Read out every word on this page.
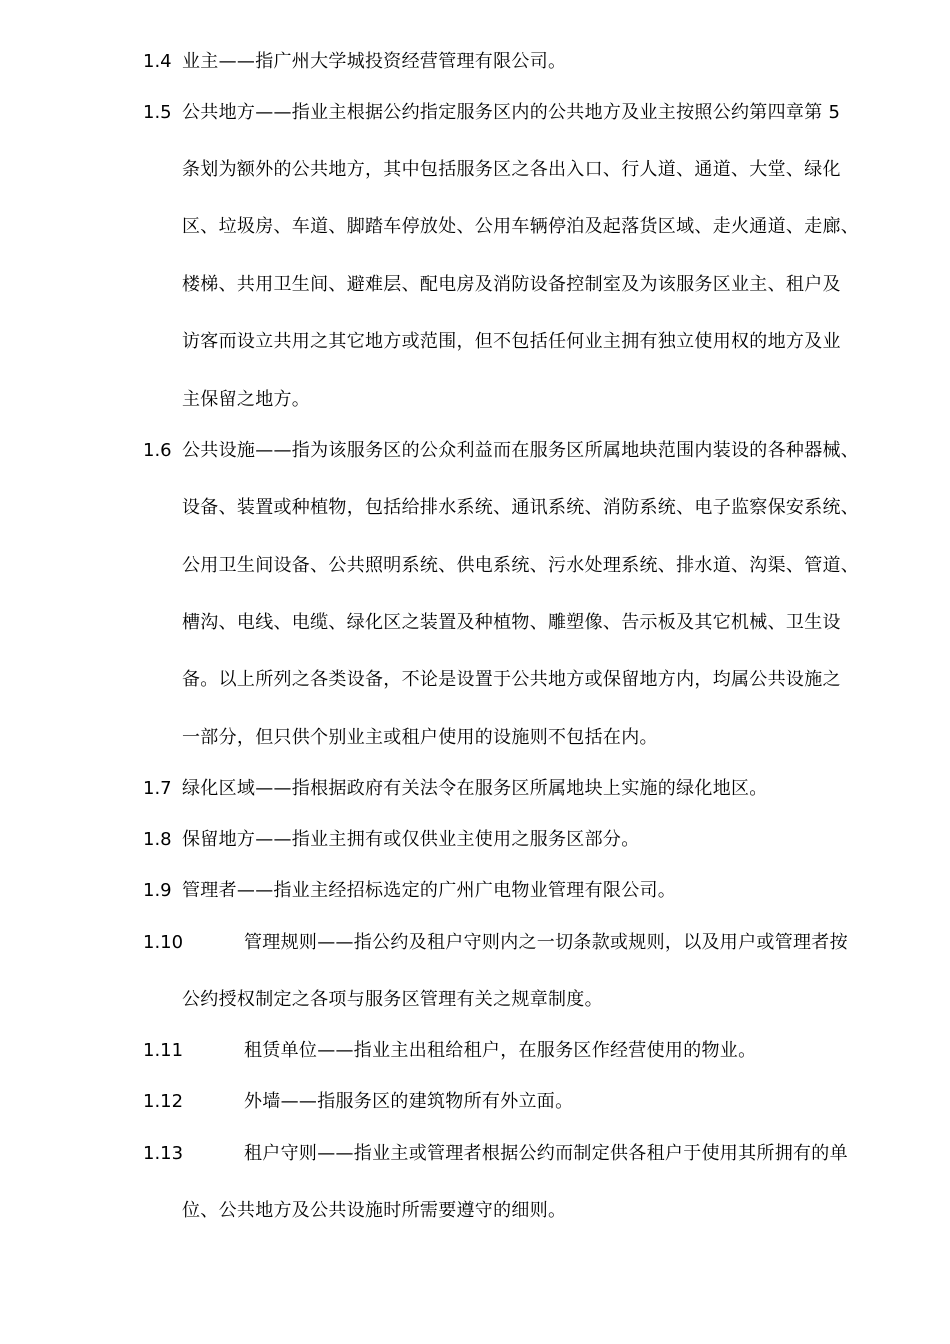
1.4 业主——指广州大学城投资经营管理有限公司。
1.5 公共地方——指业主根据公约指定服务区内的公共地方及业主按照公约第四章第 5
条划为额外的公共地方，其中包括服务区之各出入口、行人道、通道、大堂、绿化
区、垃圾房、车道、脚踏车停放处、公用车辆停泊及起落货区域、走火通道、走廊、
楼梯、共用卫生间、避难层、配电房及消防设备控制室及为该服务区业主、租户及
访客而设立共用之其它地方或范围，但不包括任何业主拥有独立使用权的地方及业
主保留之地方。
1.6 公共设施——指为该服务区的公众利益而在服务区所属地块范围内装设的各种器械、
设备、装置或种植物，包括给排水系统、通讯系统、消防系统、电子监察保安系统、
公用卫生间设备、公共照明系统、供电系统、污水处理系统、排水道、沟渠、管道、
槽沟、电线、电缆、绿化区之装置及种植物、雕塑像、告示板及其它机械、卫生设
备。以上所列之各类设备，不论是设置于公共地方或保留地方内，均属公共设施之
一部分，但只供个别业主或租户使用的设施则不包括在内。
1.7 绿化区域——指根据政府有关法令在服务区所属地块上实施的绿化地区。
1.8 保留地方——指业主拥有或仅供业主使用之服务区部分。
1.9 管理者——指业主经招标选定的广州广电物业管理有限公司。
1.10	管理规则——指公约及租户守则内之一切条款或规则，以及用户或管理者按
公约授权制定之各项与服务区管理有关之规章制度。
1.11	租赁单位——指业主出租给租户，在服务区作经营使用的物业。
1.12	外墙——指服务区的建筑物所有外立面。
1.13	租户守则——指业主或管理者根据公约而制定供各租户于使用其所拥有的单
位、公共地方及公共设施时所需要遵守的细则。
